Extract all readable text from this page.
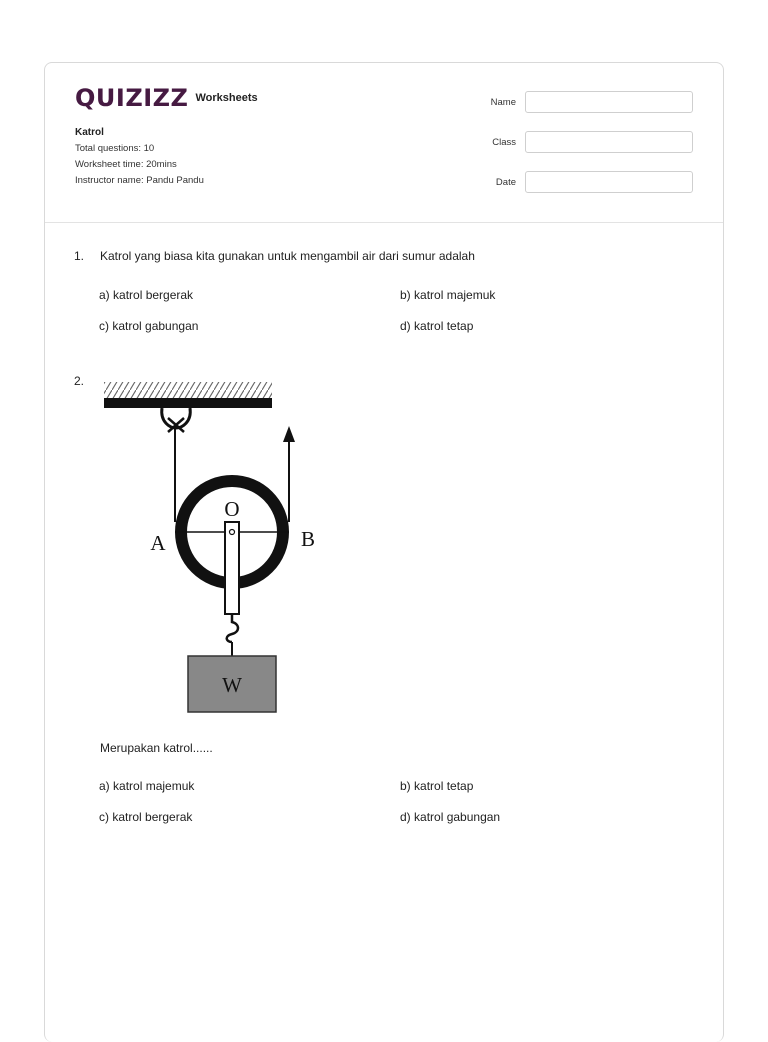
QUIZIZZ Worksheets
Katrol
Total questions: 10
Worksheet time: 20mins
Instructor name: Pandu Pandu
Name
Class
Date
1.	Katrol yang biasa kita gunakan untuk mengambil air dari sumur adalah
a) katrol bergerak	b) katrol majemuk
c) katrol gabungan	d) katrol tetap
2.
O
A	B
W
Merupakan katrol......
a) katrol majemuk	b) katrol tetap
c) katrol bergerak	d) katrol gabungan
